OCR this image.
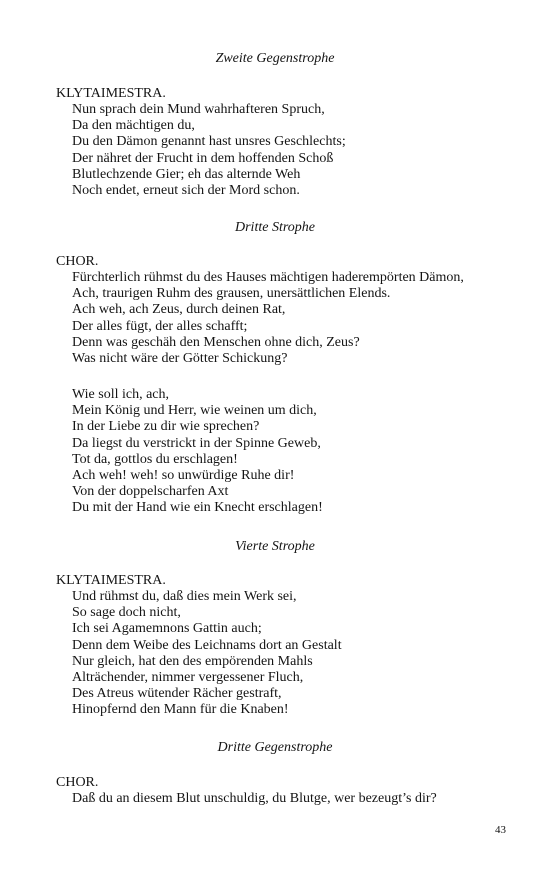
Zweite Gegenstrophe
KLYTAIMESTRA.
Nun sprach dein Mund wahrhafteren Spruch,
Da den mächtigen du,
Du den Dämon genannt hast unsres Geschlechts;
Der nähret der Frucht in dem hoffenden Schoß
Blutlechzende Gier; eh das alternde Weh
Noch endet, erneut sich der Mord schon.
Dritte Strophe
CHOR.
Fürchterlich rühmst du des Hauses mächtigen haderempörten Dämon,
Ach, traurigen Ruhm des grausen, unersättlichen Elends.
Ach weh, ach Zeus, durch deinen Rat,
Der alles fügt, der alles schafft;
Denn was geschäh den Menschen ohne dich, Zeus?
Was nicht wäre der Götter Schickung?
Wie soll ich, ach,
Mein König und Herr, wie weinen um dich,
In der Liebe zu dir wie sprechen?
Da liegst du verstrickt in der Spinne Geweb,
Tot da, gottlos du erschlagen!
Ach weh! weh! so unwürdige Ruhe dir!
Von der doppelscharfen Axt
Du mit der Hand wie ein Knecht erschlagen!
Vierte Strophe
KLYTAIMESTRA.
Und rühmst du, daß dies mein Werk sei,
So sage doch nicht,
Ich sei Agamemnons Gattin auch;
Denn dem Weibe des Leichnams dort an Gestalt
Nur gleich, hat den des empörenden Mahls
Alträchender, nimmer vergessener Fluch,
Des Atreus wütender Rächer gestraft,
Hinopfernd den Mann für die Knaben!
Dritte Gegenstrophe
CHOR.
Daß du an diesem Blut unschuldig, du Blutge, wer bezeugt’s dir?
43
